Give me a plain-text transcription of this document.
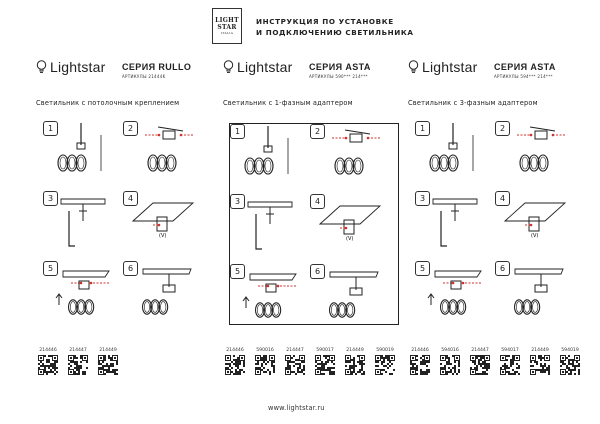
LIGHT
STAR
ITALIA
ИНСТРУКЦИЯ ПО УСТАНОВКЕ
И ПОДКЛЮЧЕНИЮ СВЕТИЛЬНИКА
Lightstar СЕРИЯ RULLO
АРТИКУЛЫ 21444K
Светильник с потолочным креплением
1	2
3
(V)
4
5	6
214446	214447	214449
Lightstar СЕРИЯ ASTA
АРТИКУЛЫ 590*** 214***
Светильник с 1-фазным адаптером
1	2
3
(V)
4
5	6
214446	590016	214447	590017	214449	590019
Lightstar СЕРИЯ ASTA
АРТИКУЛЫ 594*** 214***
Светильник с 3-фазным адаптером
1	2
3
(V)
4
5	6
214446	594016	214447	594017	214449	594019
www.lightstar.ru
